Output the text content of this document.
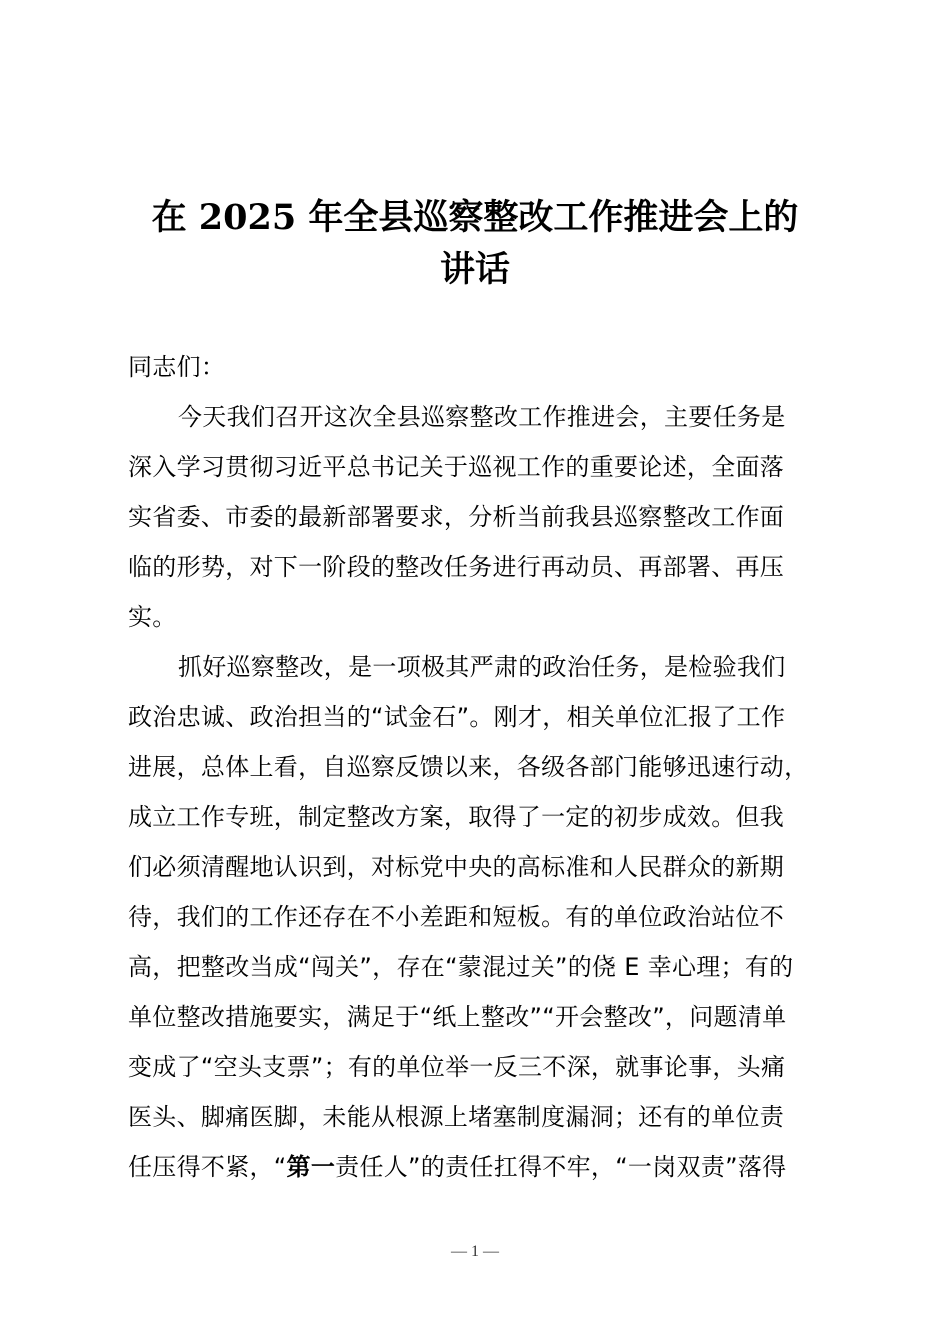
在 2025 年全县巡察整改工作推进会上的
讲话
同志们：
今天我们召开这次全县巡察整改工作推进会，主要任务是
深入学习贯彻习近平总书记关于巡视工作的重要论述，全面落
实省委、市委的最新部署要求，分析当前我县巡察整改工作面
临的形势，对下一阶段的整改任务进行再动员、再部署、再压
实。
抓好巡察整改，是一项极其严肃的政治任务，是检验我们
政治忠诚、政治担当的“试金石”。刚才，相关单位汇报了工作
进展，总体上看，自巡察反馈以来，各级各部门能够迅速行动，
成立工作专班，制定整改方案，取得了一定的初步成效。但我
们必须清醒地认识到，对标党中央的高标准和人民群众的新期
待，我们的工作还存在不小差距和短板。有的单位政治站位不
高，把整改当成“闯关”，存在“蒙混过关”的侥 E 幸心理；有的
单位整改措施要实，满足于“纸上整改”“开会整改”，问题清单
变成了“空头支票”；有的单位举一反三不深，就事论事，头痛
医头、脚痛医脚，未能从根源上堵塞制度漏洞；还有的单位责
任压得不紧，“第一责任人”的责任扛得不牢，“一岗双责”落得
— 1 —
